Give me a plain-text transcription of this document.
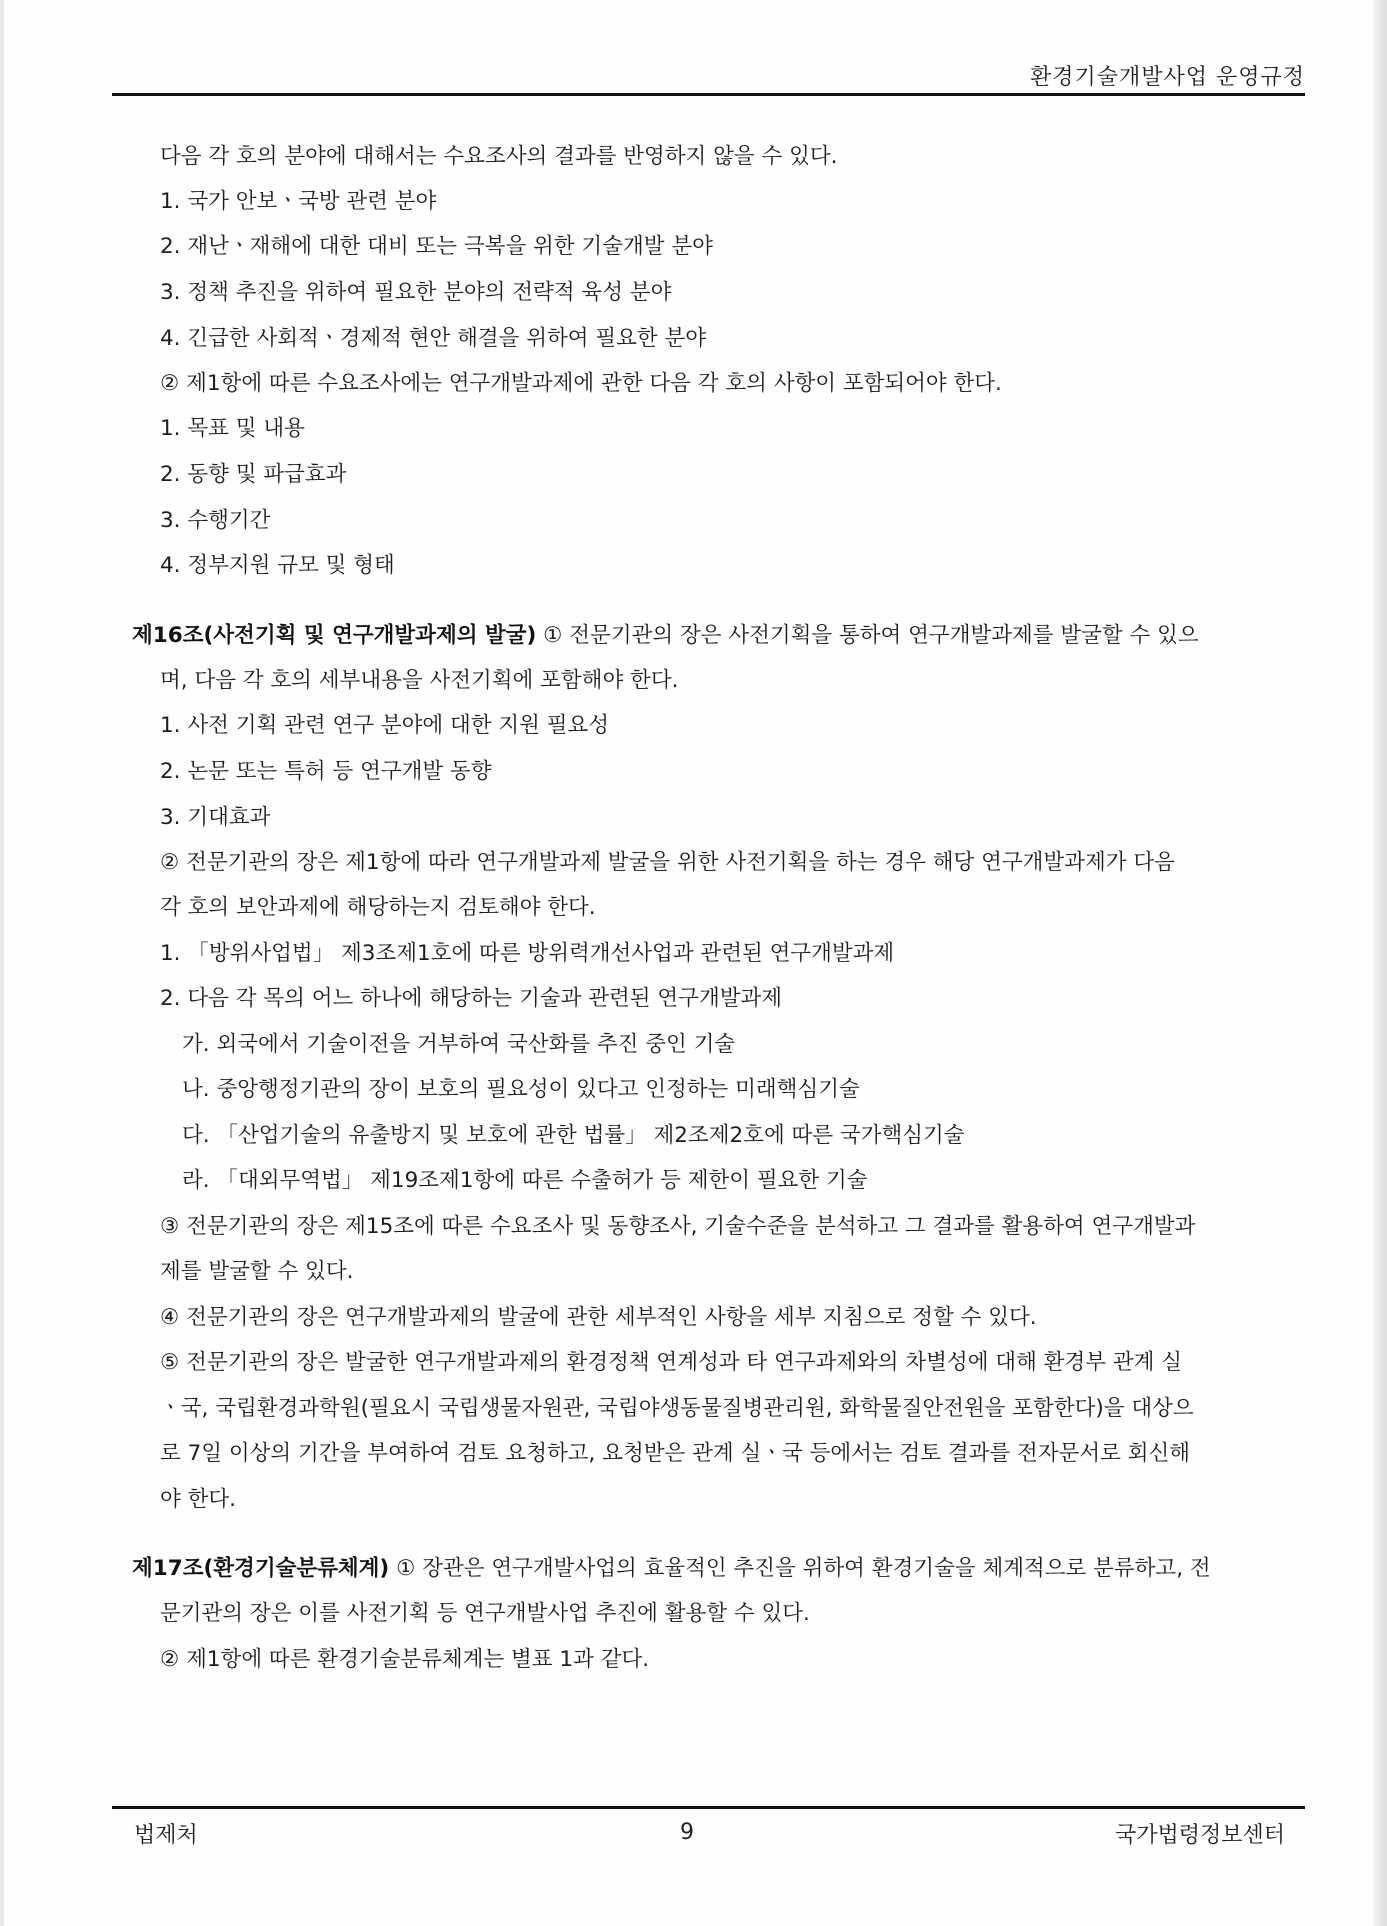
환경기술개발사업 운영규정
다음 각 호의 분야에 대해서는 수요조사의 결과를 반영하지 않을 수 있다.
1. 국가 안보ㆍ국방 관련 분야
2. 재난ㆍ재해에 대한 대비 또는 극복을 위한 기술개발 분야
3. 정책 추진을 위하여 필요한 분야의 전략적 육성 분야
4. 긴급한 사회적ㆍ경제적 현안 해결을 위하여 필요한 분야
② 제1항에 따른 수요조사에는 연구개발과제에 관한 다음 각 호의 사항이 포함되어야 한다.
1. 목표 및 내용
2. 동향 및 파급효과
3. 수행기간
4. 정부지원 규모 및 형태
제16조(사전기획 및 연구개발과제의 발굴) ① 전문기관의 장은 사전기획을 통하여 연구개발과제를 발굴할 수 있으
며, 다음 각 호의 세부내용을 사전기획에 포함해야 한다.
1. 사전 기획 관련 연구 분야에 대한 지원 필요성
2. 논문 또는 특허 등 연구개발 동향
3. 기대효과
② 전문기관의 장은 제1항에 따라 연구개발과제 발굴을 위한 사전기획을 하는 경우 해당 연구개발과제가 다음
각 호의 보안과제에 해당하는지 검토해야 한다.
1. 「방위사업법」 제3조제1호에 따른 방위력개선사업과 관련된 연구개발과제
2. 다음 각 목의 어느 하나에 해당하는 기술과 관련된 연구개발과제
가. 외국에서 기술이전을 거부하여 국산화를 추진 중인 기술
나. 중앙행정기관의 장이 보호의 필요성이 있다고 인정하는 미래핵심기술
다. 「산업기술의 유출방지 및 보호에 관한 법률」 제2조제2호에 따른 국가핵심기술
라. 「대외무역법」 제19조제1항에 따른 수출허가 등 제한이 필요한 기술
③ 전문기관의 장은 제15조에 따른 수요조사 및 동향조사, 기술수준을 분석하고 그 결과를 활용하여 연구개발과
제를 발굴할 수 있다.
④ 전문기관의 장은 연구개발과제의 발굴에 관한 세부적인 사항을 세부 지침으로 정할 수 있다.
⑤ 전문기관의 장은 발굴한 연구개발과제의 환경정책 연계성과 타 연구과제와의 차별성에 대해 환경부 관계 실
ㆍ국, 국립환경과학원(필요시 국립생물자원관, 국립야생동물질병관리원, 화학물질안전원을 포함한다)을 대상으
로 7일 이상의 기간을 부여하여 검토 요청하고, 요청받은 관계 실ㆍ국 등에서는 검토 결과를 전자문서로 회신해
야 한다.
제17조(환경기술분류체계) ① 장관은 연구개발사업의 효율적인 추진을 위하여 환경기술을 체계적으로 분류하고, 전
문기관의 장은 이를 사전기획 등 연구개발사업 추진에 활용할 수 있다.
② 제1항에 따른 환경기술분류체계는 별표 1과 같다.
법제처	9	국가법령정보센터
